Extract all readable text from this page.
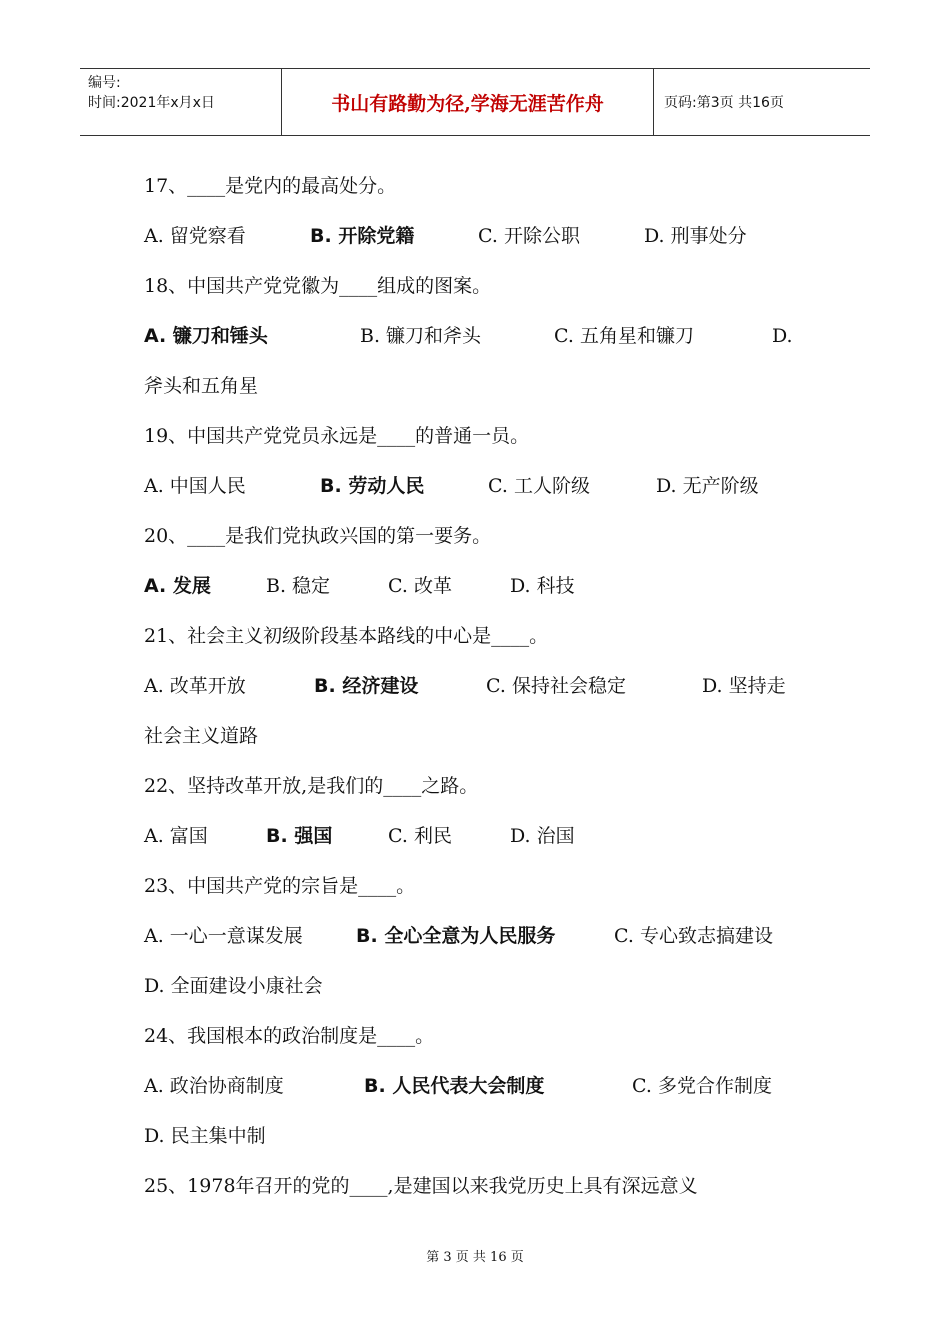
编号:
时间:2021年x月x日	书山有路勤为径,学海无涯苦作舟	页码:第3页 共16页
17、____是党内的最高处分。
A. 留党察看	B. 开除党籍	C. 开除公职	D. 刑事处分
18、中国共产党党徽为____组成的图案。
A. 镰刀和锤头	B. 镰刀和斧头	C. 五角星和镰刀	D.
斧头和五角星
19、中国共产党党员永远是____的普通一员。
A. 中国人民	B. 劳动人民	C. 工人阶级	D. 无产阶级
20、____是我们党执政兴国的第一要务。
A. 发展	B. 稳定	C. 改革	D. 科技
21、社会主义初级阶段基本路线的中心是____。
A. 改革开放	B. 经济建设	C. 保持社会稳定	D. 坚持走
社会主义道路
22、坚持改革开放,是我们的____之路。
A. 富国	B. 强国	C. 利民	D. 治国
23、中国共产党的宗旨是____。
A. 一心一意谋发展	B. 全心全意为人民服务	C. 专心致志搞建设
D. 全面建设小康社会
24、我国根本的政治制度是____。
A. 政治协商制度	B. 人民代表大会制度	C. 多党合作制度
D. 民主集中制
25、1978年召开的党的____,是建国以来我党历史上具有深远意义
第 3 页 共 16 页
